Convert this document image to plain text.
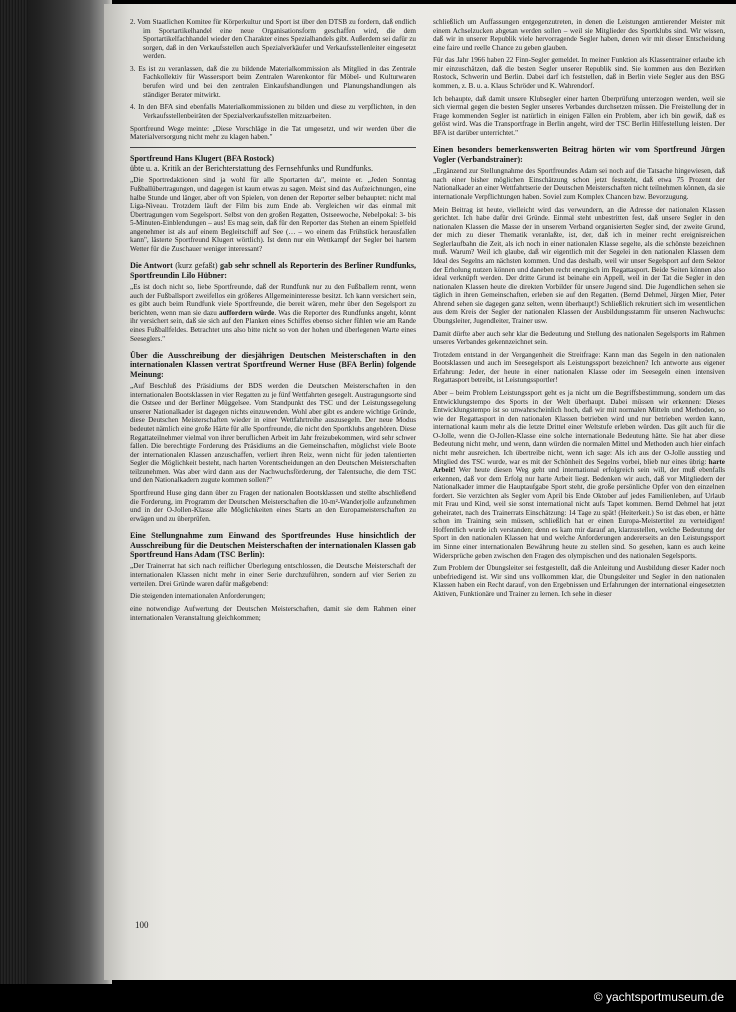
2. Vom Staatlichen Komitee für Körperkultur und Sport ist über den DTSB zu fordern, daß endlich im Sportartikelhandel eine neue Organisationsform geschaffen wird, die dem Sportartikelfachhandel wieder den Charakter eines Spezialhandels gibt. Außerdem sei dafür zu sorgen, daß in den Verkaufsstellen auch Spezialverkäufer und Verkaufsstellenleiter eingesetzt werden.

3. Es ist zu veranlassen, daß die zu bildende Materialkommission als Mitglied in das Zentrale Fachkollektiv für Wassersport beim Zentralen Warenkontor für Möbel- und Kulturwaren berufen wird und bei den zentralen Einkaufshandlungen und Planungshandlungen als ständiger Berater mitwirkt.

4. In den BFA sind ebenfalls Materialkommissionen zu bilden und diese zu verpflichten, in den Verkaufsstellenbeiräten der Spezialverkaufsstellen mitzuarbeiten.

Sportfreund Wege meinte: „Diese Vorschläge in die Tat umgesetzt, und wir werden über die Materialversorgung nicht mehr zu klagen haben."

Sportfreund Hans Klugert (BFA Rostock)

übte u. a. Kritik an der Berichterstattung des Fernsehfunks und Rundfunks.

„Die Sportredaktionen sind ja wohl für alle Sportarten da", meinte er. „Jeden Sonntag Fußballübertragungen, und dagegen ist kaum etwas zu sagen. Meist sind das Aufzeichnungen, eine halbe Stunde und länger, aber oft von Spielen, von denen der Reporter selber behauptet: nicht mal Liga-Niveau. Trotzdem läuft der Film bis zum Ende ab. Vergleichen wir das einmal mit Übertragungen vom Segelsport. Selbst von den großen Regatten, Ostseewoche, Nebelpokal: 3- bis 5-Minuten-Einblendungen – aus! Es mag sein, daß für den Reporter das Stehen an einem Spielfeld angenehmer ist als auf einem Begleitschiff auf See (… – wo einem das Frühstück herausfallen kann", lästerte Sportfreund Klugert wörtlich). Ist denn nur ein Wettkampf der Segler bei hartem Wetter für die Zuschauer weniger interessant?

Die Antwort (kurz gefaßt) gab sehr schnell als Reporterin des Berliner Rundfunks, Sportfreundin Lilo Hübner:

„Es ist doch nicht so, liebe Sportfreunde, daß der Rundfunk nur zu den Fußballern rennt, wenn auch der Fußballsport zweifellos ein größeres Allgemeininteresse besitzt. Ich kann versichert sein, es gibt auch beim Rundfunk viele Sportfreunde, die bereit wären, mehr über den Segelsport zu berichten, wenn man sie dazu auffordern würde. Was die Reporter des Rundfunks angeht, könnt ihr versichert sein, daß sie sich auf den Planken eines Schiffes ebenso sicher fühlen wie am Rande eines Fußballfeldes. Betrachtet uns also bitte nicht so von der hohen und überlegenen Warte eines Seeseglers."

Über die Ausschreibung der diesjährigen Deutschen Meisterschaften in den internationalen Klassen vertrat Sportfreund Werner Huse (BFA Berlin) folgende Meinung:

„Auf Beschluß des Präsidiums der BDS werden die Deutschen Meisterschaften in den internationalen Bootsklassen in vier Regatten zu je fünf Wettfahrten gesegelt. Austragungsorte sind die Ostsee und der Berliner Müggelsee. Vom Standpunkt des TSC und der Leistungssegelung unserer Nationalkader ist dagegen nichts einzuwenden. Wohl aber gibt es andere wichtige Gründe, diese Deutschen Meisterschaften wieder in einer Wettfahrtreihe auszusegeln. Der neue Modus bedeutet nämlich eine große Härte für alle Sportfreunde, die nicht den Sportklubs angehören. Diese Regattateilnehmer vielmal von ihrer beruflichen Arbeit im Jahr freizubekommen, wird sehr schwer fallen. Die berechtigte Forderung des Präsidiums an die Gemeinschaften, möglichst viele Boote der internationalen Klassen anzuschaffen, verliert ihren Reiz, wenn nicht für jeden talentierten Segler die Möglichkeit besteht, nach harten Vorentscheidungen an den Deutschen Meisterschaften teilzunehmen. Was aber wird dann aus der Nachwuchsförderung, der Talentsuche, die dem TSC und den Nationalkadern zugute kommen sollen?"

Sportfreund Huse ging dann über zu Fragen der nationalen Bootsklassen und stellte abschließend die Forderung, im Programm der Deutschen Meisterschaften die 10-m²-Wanderjolle aufzunehmen und in der O-Jollen-Klasse alle Möglichkeiten eines Starts an den Europameisterschaften zu erwägen und zu überprüfen.

Eine Stellungnahme zum Einwand des Sportfreundes Huse hinsichtlich der Ausschreibung für die Deutschen Meisterschaften der internationalen Klassen gab Sportfreund Hans Adam (TSC Berlin):

„Der Trainerrat hat sich nach reiflicher Überlegung entschlossen, die Deutsche Meisterschaft der internationalen Klassen nicht mehr in einer Serie durchzuführen, sondern auf vier Serien zu verteilen. Drei Gründe waren dafür maßgebend:

Die steigenden internationalen Anforderungen;

eine notwendige Aufwertung der Deutschen Meisterschaften, damit sie dem Rahmen einer internationalen Veranstaltung gleichkommen;

schließlich um Auffassungen entgegenzutreten, in denen die Leistungen amtierender Meister mit einem Achselzucken abgetan werden sollen – weil sie Mitglieder des Sportklubs sind. Wir wissen, daß wir in unserer Republik viele hervorragende Segler haben, denen wir mit dieser Entscheidung eine faire und reelle Chance zu geben glauben.

Für das Jahr 1966 haben 22 Finn-Segler gemeldet. In meiner Funktion als Klassentrainer erlaube ich mir einzuschätzen, daß die besten Segler unserer Republik sind. Sie kommen aus den Bezirken Rostock, Schwerin und Berlin. Dabei darf ich feststellen, daß in Berlin viele Segler aus den BSG kommen, z. B. u. a. Klaus Schröder und K. Wahrendorf.

Ich behaupte, daß damit unsere Klubsegler einer harten Überprüfung unterzogen werden, weil sie sich viermal gegen die besten Segler unseres Verbandes durchsetzen müssen. Die Freistellung der in Frage kommenden Segler ist natürlich in einigen Fällen ein Problem, aber ich bin gewiß, daß es gelöst wird. Was die Transportfrage in Berlin angeht, wird der TSC Berlin Hilfestellung leisten. Der BFA ist darüber unterrichtet."

Einen besonders bemerkenswerten Beitrag hörten wir vom Sportfreund Jürgen Vogler (Verbandstrainer):

„Ergänzend zur Stellungnahme des Sportfreundes Adam sei noch auf die Tatsache hingewiesen, daß nach einer bisher möglichen Einschätzung schon jetzt feststeht, daß etwa 75 Prozent der Nationalkader an einer Wettfahrtserie der Deutschen Meisterschaften nicht teilnehmen können, da sie internationale Verpflichtungen haben. Soviel zum Komplex Chancen bzw. Bevorzugung.

Mein Beitrag ist heute, vielleicht wird das verwundern, an die Adresse der nationalen Klassen gerichtet. Ich habe dafür drei Gründe. Einmal steht unbestritten fest, daß unsere Segler in den nationalen Klassen die Masse der in unserem Verband organisierten Segler sind, der zweite Grund, der mich zu dieser Thematik veranlaßte, ist, der, daß ich in meiner recht ereignisreichen Seglerlaufbahn die Zeit, als ich noch in einer nationalen Klasse segelte, als die schönste bezeichnen muß. Warum? Weil ich glaube, daß wir eigentlich mit der Segelei in den nationalen Klassen dem Ideal des Segelns am nächsten kommen. Und das deshalb, weil wir unser Segelsport auf dem Sektor der Erholung nutzen können und daneben recht energisch im Regattasport. Beide Seiten können also ideal verknüpft werden. Der dritte Grund ist beinahe ein Appell, weil in der Tat die Segler in den nationalen Klassen heute die direkten Vorbilder für unsere Jugend sind. Die Jugendlichen sehen sie täglich in ihren Gemeinschaften, erleben sie auf den Regatten. (Bernd Dehmel, Jürgen Mier, Peter Ahrend sehen sie dagegen ganz selten, wenn überhaupt!) Schließlich rekrutiert sich im wesentlichen aus dem Kreis der Segler der nationalen Klassen der Ausbildungsstamm für unseren Nachwuchs: Übungsleiter, Jugendleiter, Trainer usw.

Damit dürfte aber auch sehr klar die Bedeutung und Stellung des nationalen Segelsports im Rahmen unseres Verbandes gekennzeichnet sein.

Trotzdem entstand in der Vergangenheit die Streitfrage: Kann man das Segeln in den nationalen Bootsklassen und auch im Seesegelsport als Leistungssport bezeichnen? Ich antworte aus eigener Erfahrung: Jeder, der heute in einer nationalen Klasse oder im Seesegeln einen intensiven Regattasport betreibt, ist Leistungssportler!

Aber – beim Problem Leistungssport geht es ja nicht um die Begriffsbestimmung, sondern um das Entwicklungstempo des Sports in der Welt überhaupt. Dabei müssen wir erkennen: Dieses Entwicklungstempo ist so unwahrscheinlich hoch, daß wir mit normalen Mitteln und Methoden, so wie der Regattasport in den nationalen Klassen betrieben wird und nur betrieben werden kann, international kaum mehr als die letzte Drittel einer Weltstufe erleben würden. Das gilt auch für die O-Jolle, wenn die O-Jollen-Klasse eine solche internationale Bedeutung hätte. Sie hat aber diese Bedeutung nicht mehr, und wenn, dann würden die normalen Mittel und Methoden auch hier einfach nicht mehr ausreichen. Ich übertreibe nicht, wenn ich sage: Als ich aus der O-Jolle ausstieg und Mitglied des TSC wurde, war es mit der Schönheit des Segelns vorbei, blieb nur eines übrig: harte Arbeit! Wer heute diesen Weg geht und international erfolgreich sein will, der muß ebenfalls erkennen, daß vor dem Erfolg nur harte Arbeit liegt. Bedenken wir auch, daß vor Mitgliedern der Nationalkader immer die Hauptaufgabe Sport steht, die große persönliche Opfer von den einzelnen fordert. Sie verzichten als Segler vom April bis Ende Oktober auf jedes Familienleben, auf Urlaub mit Frau und Kind, weil sie sonst international nicht aufs Tapet kommen. Bernd Dehmel hat jetzt geheiratet, nach des Trainerrats Einschätzung: 14 Tage zu spät! (Heiterkeit.) So ist das eben, er hätte schon im Training sein müssen, schließlich hat er einen Europa-Meistertitel zu verteidigen! Hoffentlich wurde ich verstanden; denn es kam mir darauf an, klarzustellen, welche Bedeutung der Sport in den nationalen Klassen hat und welche Anforderungen andererseits an den Leistungssport im Sinne einer internationalen Bewährung heute zu stellen sind. So gesehen, kann es auch keine Widersprüche geben zwischen den Fragen des olympischen und des nationalen Segelsports.

Zum Problem der Übungsleiter sei festgestellt, daß die Anleitung und Ausbildung dieser Kader noch unbefriedigend ist. Wir sind uns vollkommen klar, die Übungsleiter und Segler in den nationalen Klassen haben ein Recht darauf, von den Ergebnissen und Erfahrungen der international eingesetzten Aktiven, Funktionäre und Trainer zu lernen. Ich sehe in dieser

100
© yachtsportmuseum.de
